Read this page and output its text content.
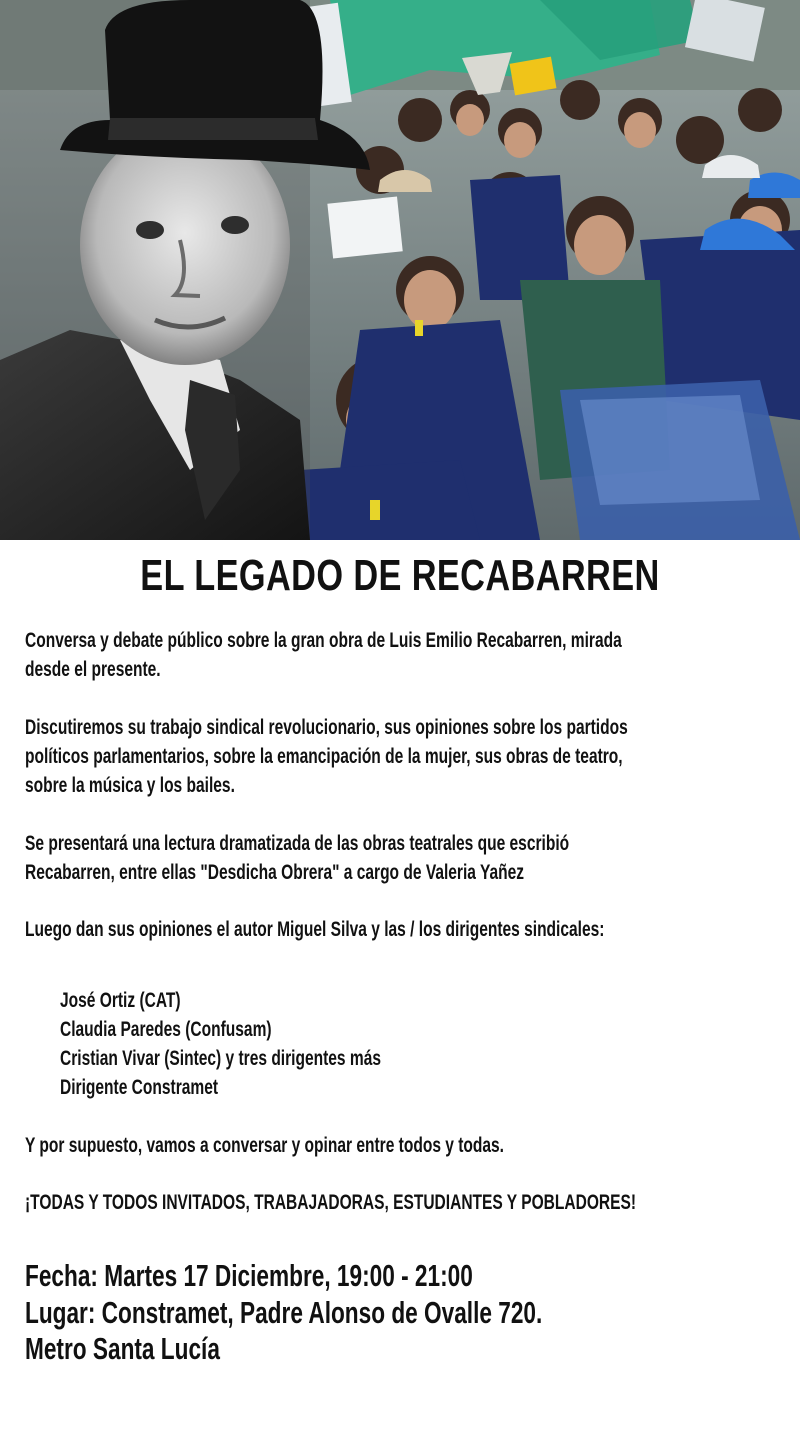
EL LEGADO DE RECABARREN

Conversa y debate público sobre la gran obra de Luis Emilio Recabarren, mirada
desde el presente.

Discutiremos su trabajo sindical revolucionario, sus opiniones sobre los partidos
políticos parlamentarios, sobre la emancipación de la mujer, sus obras de teatro,
sobre la música y los bailes.

Se presentará una lectura dramatizada de las obras teatrales que escribió
Recabarren, entre ellas "Desdicha Obrera" a cargo de Valeria Yañez

Luego dan sus opiniones el autor Miguel Silva y las / los dirigentes sindicales:

José Ortiz (CAT)
Claudia Paredes (Confusam)
Cristian Vivar (Sintec) y tres dirigentes más
Dirigente Constramet

Y por supuesto, vamos a conversar y opinar entre todos y todas.

¡TODAS Y TODOS INVITADOS, TRABAJADORAS, ESTUDIANTES Y POBLADORES!

Fecha: Martes 17 Diciembre, 19:00 - 21:00
Lugar: Constramet, Padre Alonso de Ovalle 720.
Metro Santa Lucía
